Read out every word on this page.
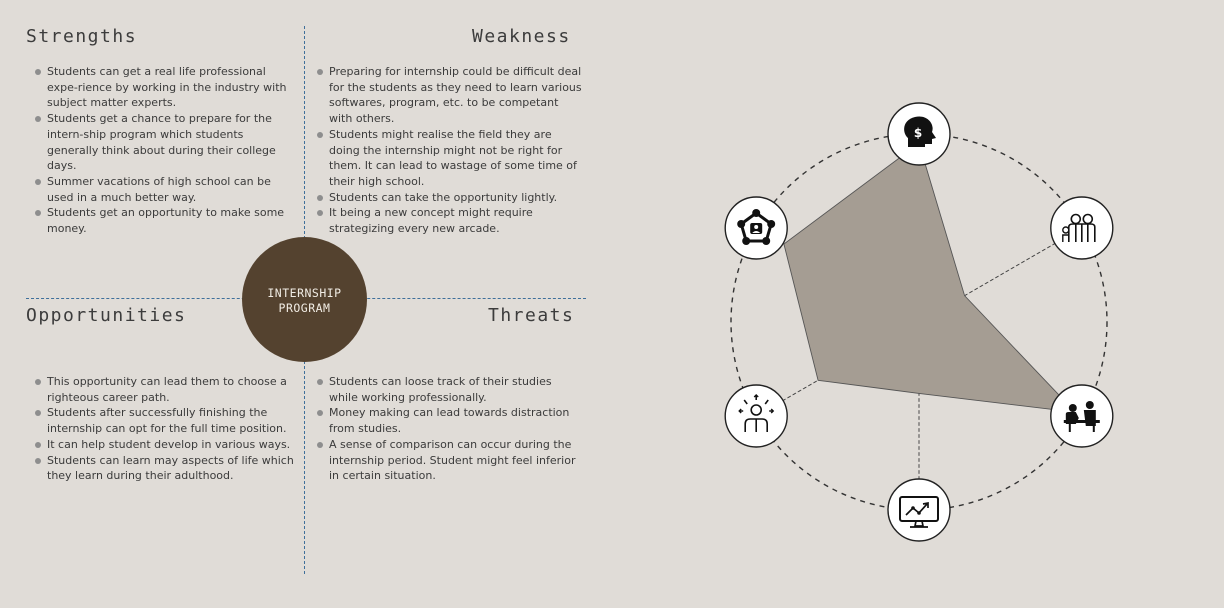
Strengths
Students can get a real life professional expe-rience by working in the industry with subject matter experts.
Students get a chance to prepare for the intern-ship program which students generally think about during their college days.
Summer vacations of high school can be used in a much better way.
Students get an opportunity to make some money.
Weakness
Preparing for internship could be difficult deal for the students as they need to learn various softwares, program, etc. to be competant with others.
Students might realise the field they are doing the internship might not be right for them. It can lead to wastage of some time of their high school.
Students can take the opportunity lightly.
It being a new concept might require strategizing every new arcade.
Opportunities
This opportunity can lead them to choose a righteous career path.
Students after successfully finishing the internship can opt for the full time position.
It can help student develop in various ways.
Students can learn may aspects of life which they learn during their adulthood.
Threats
Students can loose track of their studies while working professionally.
Money making can lead towards distraction from studies.
A sense of comparison can occur during the internship period. Student might feel inferior in certain situation.
INTERNSHIP
PROGRAM
$
